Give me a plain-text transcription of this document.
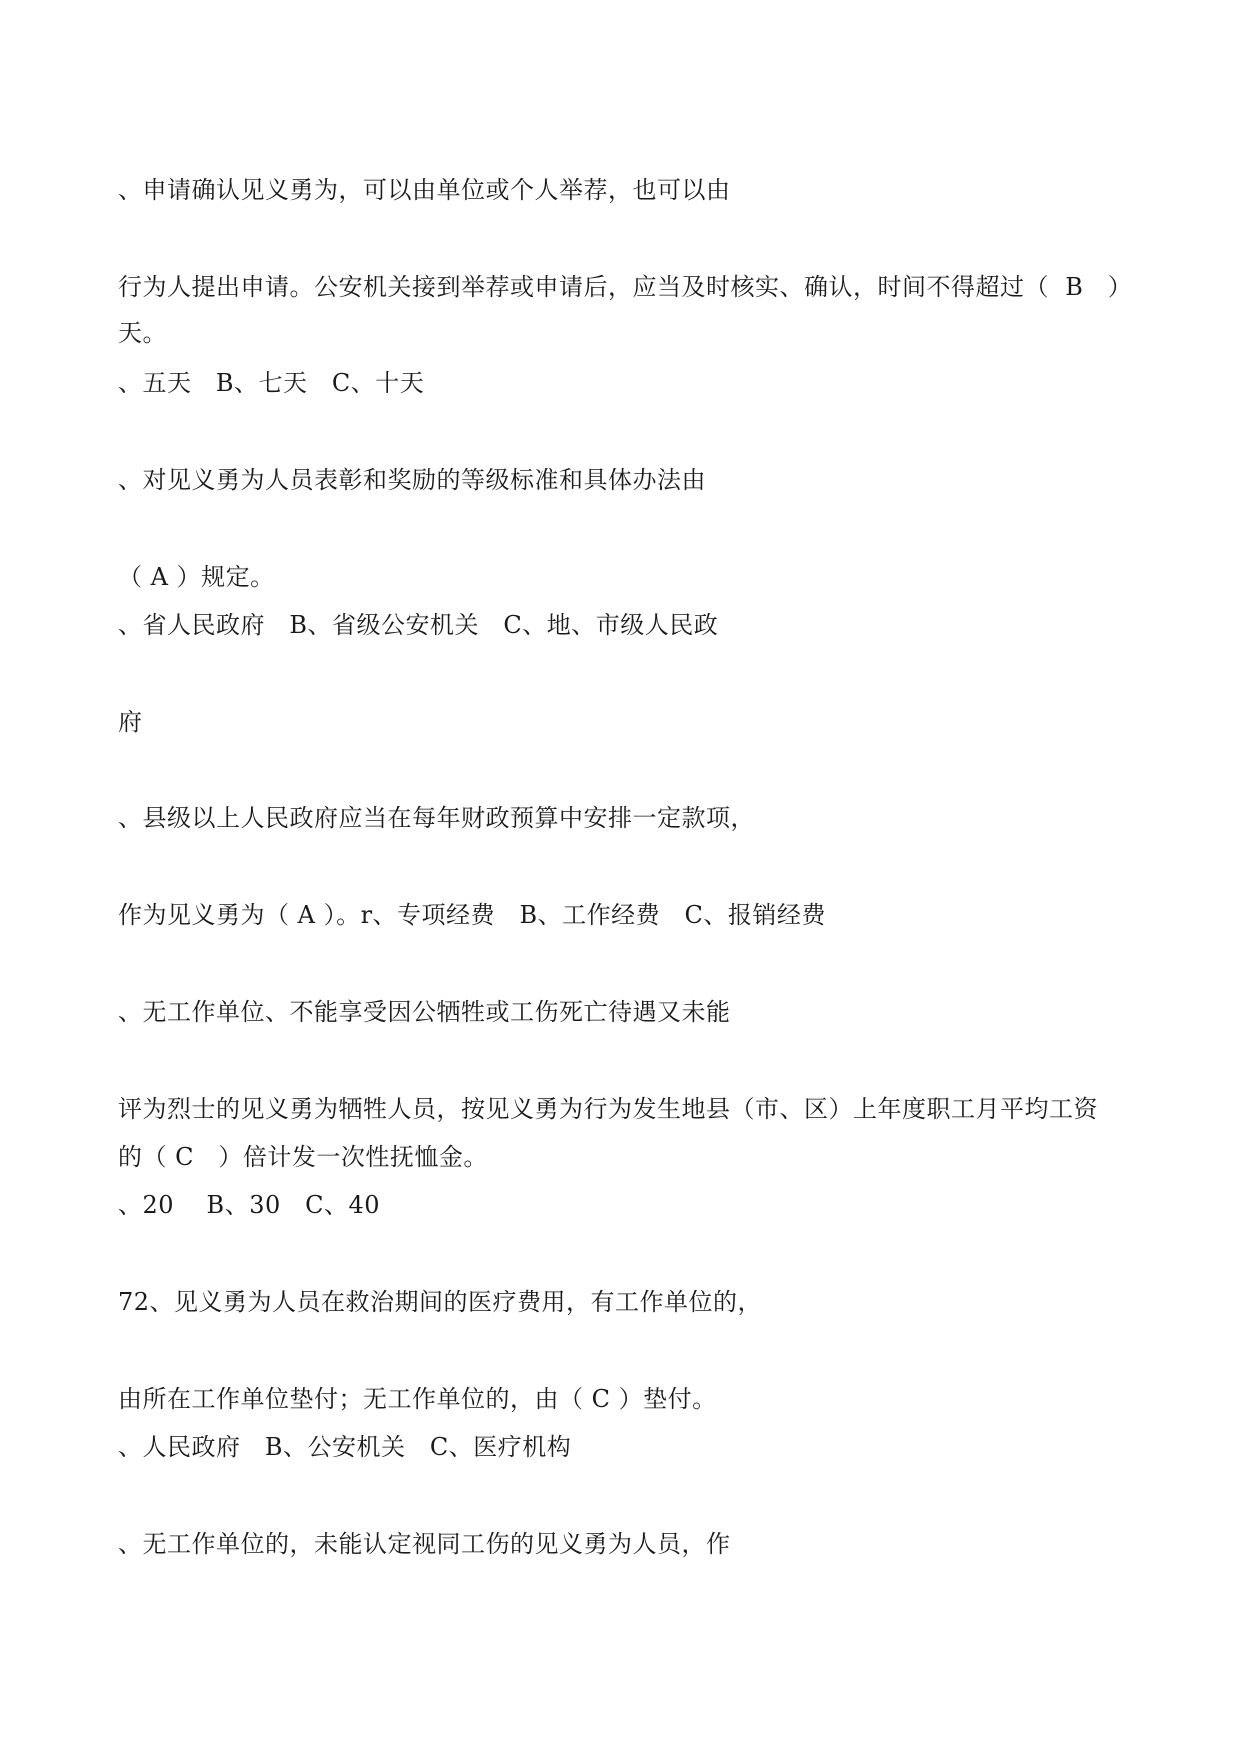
、申请确认见义勇为，可以由单位或个人举荐，也可以由
行为人提出申请。公安机关接到举荐或申请后，应当及时核实、确认，时间不得超过（  B   ）
天。
、五天   B、七天   C、十天
、对见义勇为人员表彰和奖励的等级标准和具体办法由
（ A ）规定。
、省人民政府   B、省级公安机关   C、地、市级人民政
府
、县级以上人民政府应当在每年财政预算中安排一定款项，
作为见义勇为（ A ）。r、专项经费   B、工作经费   C、报销经费
、无工作单位、不能享受因公牺牲或工伤死亡待遇又未能
评为烈士的见义勇为牺牲人员，按见义勇为行为发生地县（市、区）上年度职工月平均工资
的（ C   ）倍计发一次性抚恤金。
、20    B、30   C、40
72、见义勇为人员在救治期间的医疗费用，有工作单位的，
由所在工作单位垫付；无工作单位的，由（ C ）垫付。
、人民政府   B、公安机关   C、医疗机构
、无工作单位的，未能认定视同工伤的见义勇为人员，作
